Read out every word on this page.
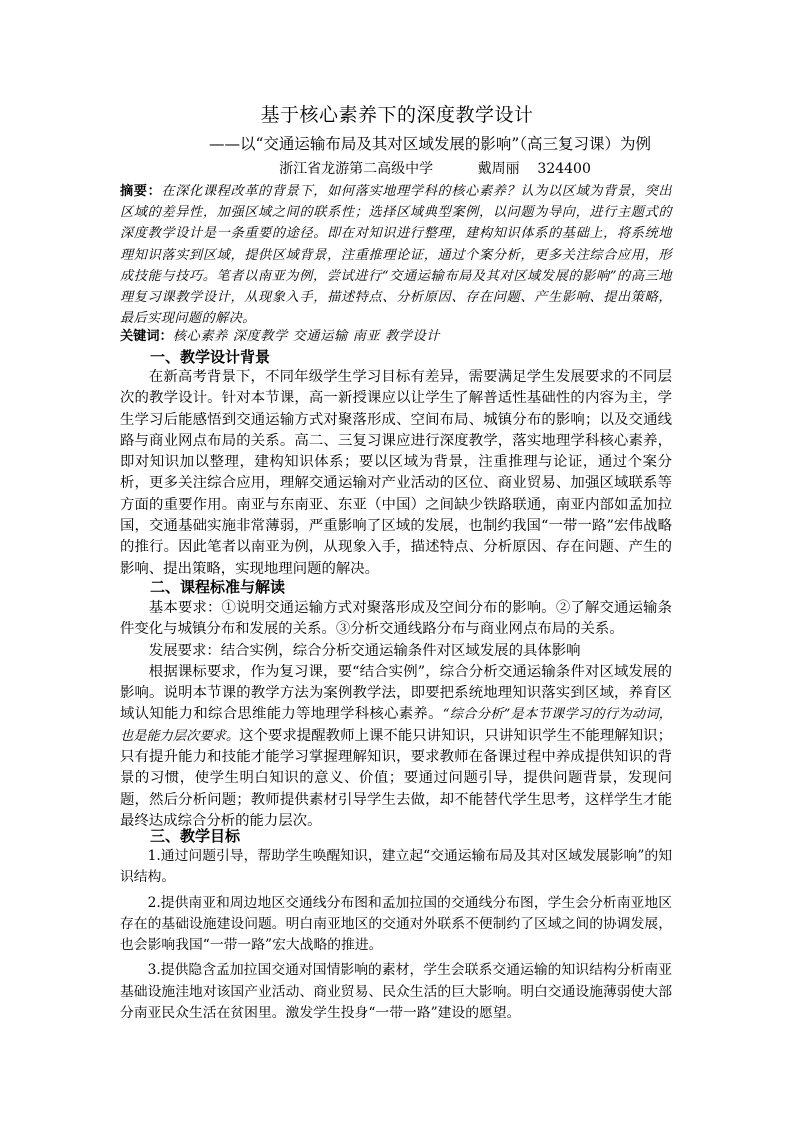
基于核心素养下的深度教学设计
——以“交通运输布局及其对区域发展的影响”（高三复习课）为例
浙江省龙游第二高级中学          戴周丽    324400
摘要：在深化课程改革的背景下，如何落实地理学科的核心素养？认为以区域为背景，突出区域的差异性，加强区域之间的联系性；选择区域典型案例，以问题为导向，进行主题式的深度教学设计是一条重要的途径。即在对知识进行整理，建构知识体系的基础上，将系统地理知识落实到区域，提供区域背景，注重推理论证，通过个案分析，更多关注综合应用，形成技能与技巧。笔者以南亚为例，尝试进行“交通运输布局及其对区域发展的影响”的高三地理复习课教学设计，从现象入手，描述特点、分析原因、存在问题、产生影响、提出策略，最后实现问题的解决。
关键词：核心素养 深度教学 交通运输 南亚 教学设计
一、教学设计背景

在新高考背景下，不同年级学生学习目标有差异，需要满足学生发展要求的不同层次的教学设计。针对本节课，高一新授课应以让学生了解普适性基础性的内容为主，学生学习后能感悟到交通运输方式对聚落形成、空间布局、城镇分布的影响；以及交通线路与商业网点布局的关系。高二、三复习课应进行深度教学，落实地理学科核心素养，即对知识加以整理，建构知识体系；要以区域为背景，注重推理与论证，通过个案分析，更多关注综合应用，理解交通运输对产业活动的区位、商业贸易、加强区域联系等方面的重要作用。南亚与东南亚、东亚（中国）之间缺少铁路联通，南亚内部如孟加拉国，交通基础实施非常薄弱，严重影响了区域的发展，也制约我国“一带一路”宏伟战略的推行。因此笔者以南亚为例，从现象入手，描述特点、分析原因、存在问题、产生的影响、提出策略，实现地理问题的解决。

二、课程标准与解读

基本要求：①说明交通运输方式对聚落形成及空间分布的影响。②了解交通运输条件变化与城镇分布和发展的关系。③分析交通线路分布与商业网点布局的关系。

发展要求：结合实例，综合分析交通运输条件对区域发展的具体影响

根据课标要求，作为复习课，要“结合实例”，综合分析交通运输条件对区域发展的影响。说明本节课的教学方法为案例教学法，即要把系统地理知识落实到区域，养育区域认知能力和综合思维能力等地理学科核心素养。“综合分析”是本节课学习的行为动词，也是能力层次要求。这个要求提醒教师上课不能只讲知识，只讲知识学生不能理解知识；只有提升能力和技能才能学习掌握理解知识，要求教师在备课过程中养成提供知识的背景的习惯，使学生明白知识的意义、价值；要通过问题引导，提供问题背景，发现问题，然后分析问题；教师提供素材引导学生去做，却不能替代学生思考，这样学生才能最终达成综合分析的能力层次。

三、教学目标

1.通过问题引导，帮助学生唤醒知识，建立起“交通运输布局及其对区域发展影响”的知识结构。

2.提供南亚和周边地区交通线分布图和孟加拉国的交通线分布图，学生会分析南亚地区存在的基础设施建设问题。明白南亚地区的交通对外联系不便制约了区域之间的协调发展，也会影响我国“一带一路”宏大战略的推进。

3.提供隐含孟加拉国交通对国情影响的素材，学生会联系交通运输的知识结构分析南亚基础设施洼地对该国产业活动、商业贸易、民众生活的巨大影响。明白交通设施薄弱使大部分南亚民众生活在贫困里。激发学生投身“一带一路”建设的愿望。
